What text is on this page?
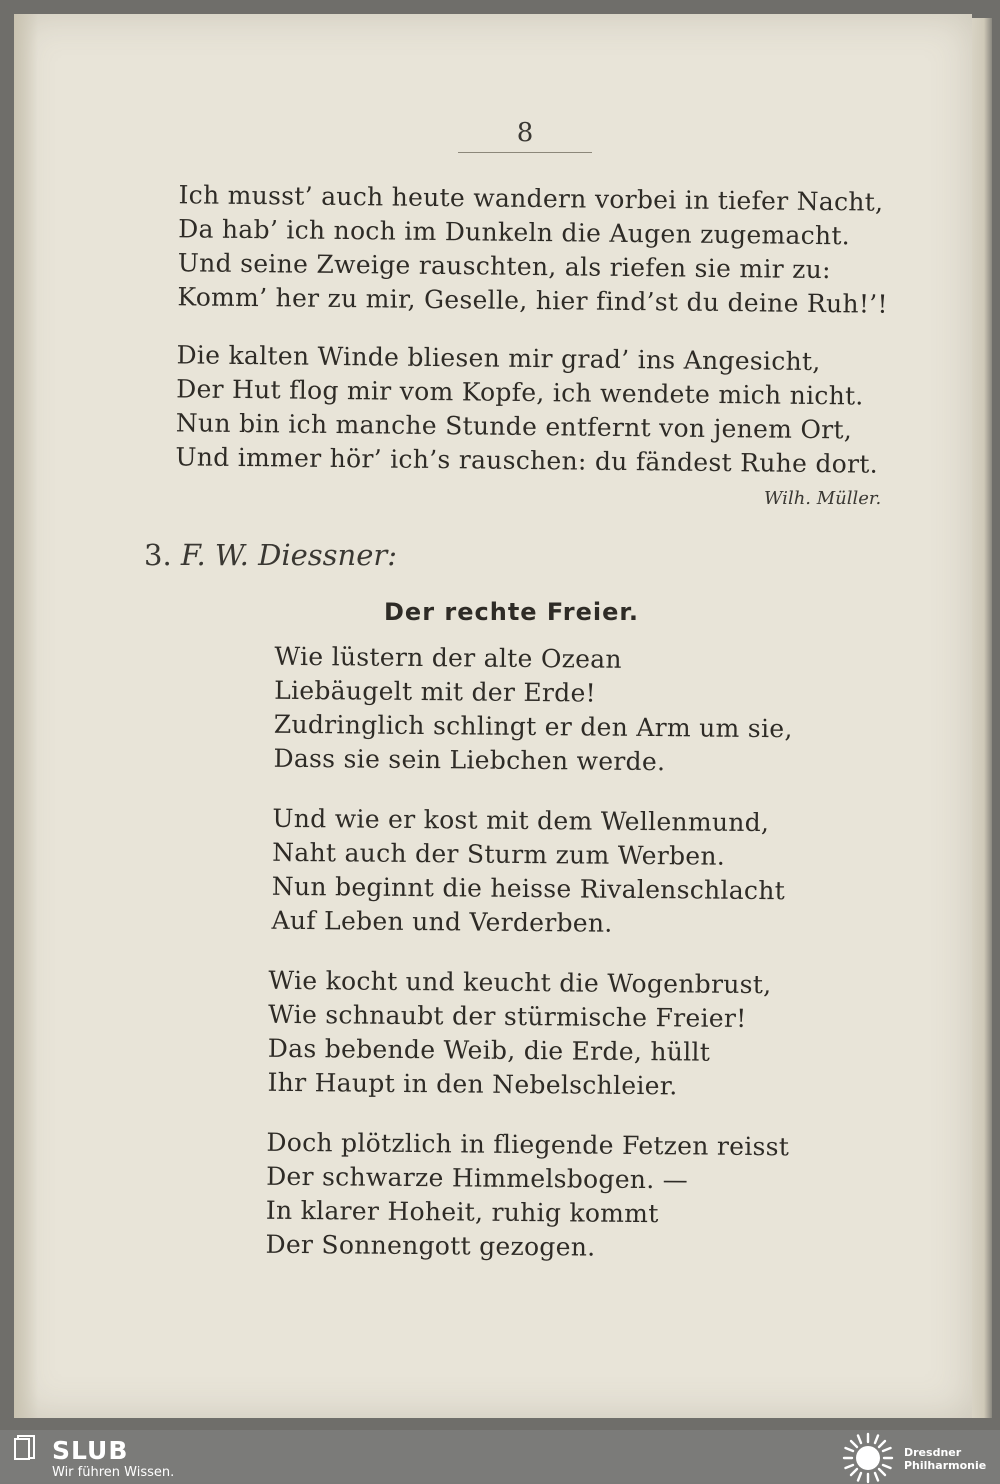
8
Ich musst’ auch heute wandern vorbei in tiefer Nacht,
Da hab’ ich noch im Dunkeln die Augen zugemacht.
Und seine Zweige rauschten, als riefen sie mir zu:
Komm’ her zu mir, Geselle, hier find’st du deine Ruh!’!
Die kalten Winde bliesen mir grad’ ins Angesicht,
Der Hut flog mir vom Kopfe, ich wendete mich nicht.
Nun bin ich manche Stunde entfernt von jenem Ort,
Und immer hör’ ich’s rauschen: du fändest Ruhe dort.
Wilh. Müller.
3. F. W. Diessner:
Der rechte Freier.
Wie lüstern der alte Ozean
Liebäugelt mit der Erde!
Zudringlich schlingt er den Arm um sie,
Dass sie sein Liebchen werde.
Und wie er kost mit dem Wellenmund,
Naht auch der Sturm zum Werben.
Nun beginnt die heisse Rivalenschlacht
Auf Leben und Verderben.
Wie kocht und keucht die Wogenbrust,
Wie schnaubt der stürmische Freier!
Das bebende Weib, die Erde, hüllt
Ihr Haupt in den Nebelschleier.
Doch plötzlich in fliegende Fetzen reisst
Der schwarze Himmelsbogen. —
In klarer Hoheit, ruhig kommt
Der Sonnengott gezogen.
SLUB
Wir führen Wissen.
Dresdner
Philharmonie
